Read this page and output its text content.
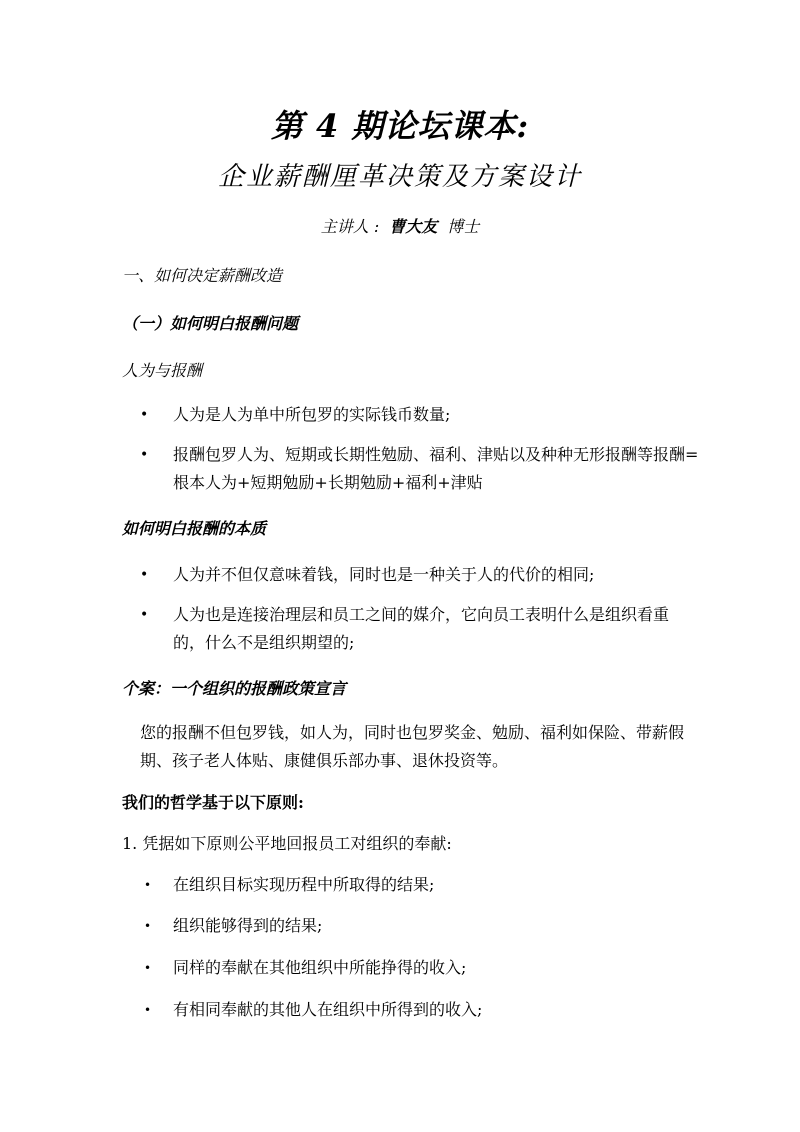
第 4 期论坛课本:
企业薪酬厘革决策及方案设计
主讲人 : 曹大友 博士
一、如何决定薪酬改造
（一）如何明白报酬问题
人为与报酬
•	人为是人为单中所包罗的实际钱币数量;
•	报酬包罗人为、短期或长期性勉励、福利、津贴以及种种无形报酬等报酬=根本人为+短期勉励+长期勉励+福利+津贴
如何明白报酬的本质
•	人为并不但仅意味着钱，同时也是一种关于人的代价的相同;
•	人为也是连接治理层和员工之间的媒介，它向员工表明什么是组织看重的，什么不是组织期望的;
个案：一个组织的报酬政策宣言
您的报酬不但包罗钱，如人为，同时也包罗奖金、勉励、福利如保险、带薪假期、孩子老人体贴、康健俱乐部办事、退休投资等。
我们的哲学基于以下原则:
1. 凭据如下原则公平地回报员工对组织的奉献:
• 在组织目标实现历程中所取得的结果;
• 组织能够得到的结果;
• 同样的奉献在其他组织中所能挣得的收入;
• 有相同奉献的其他人在组织中所得到的收入;
